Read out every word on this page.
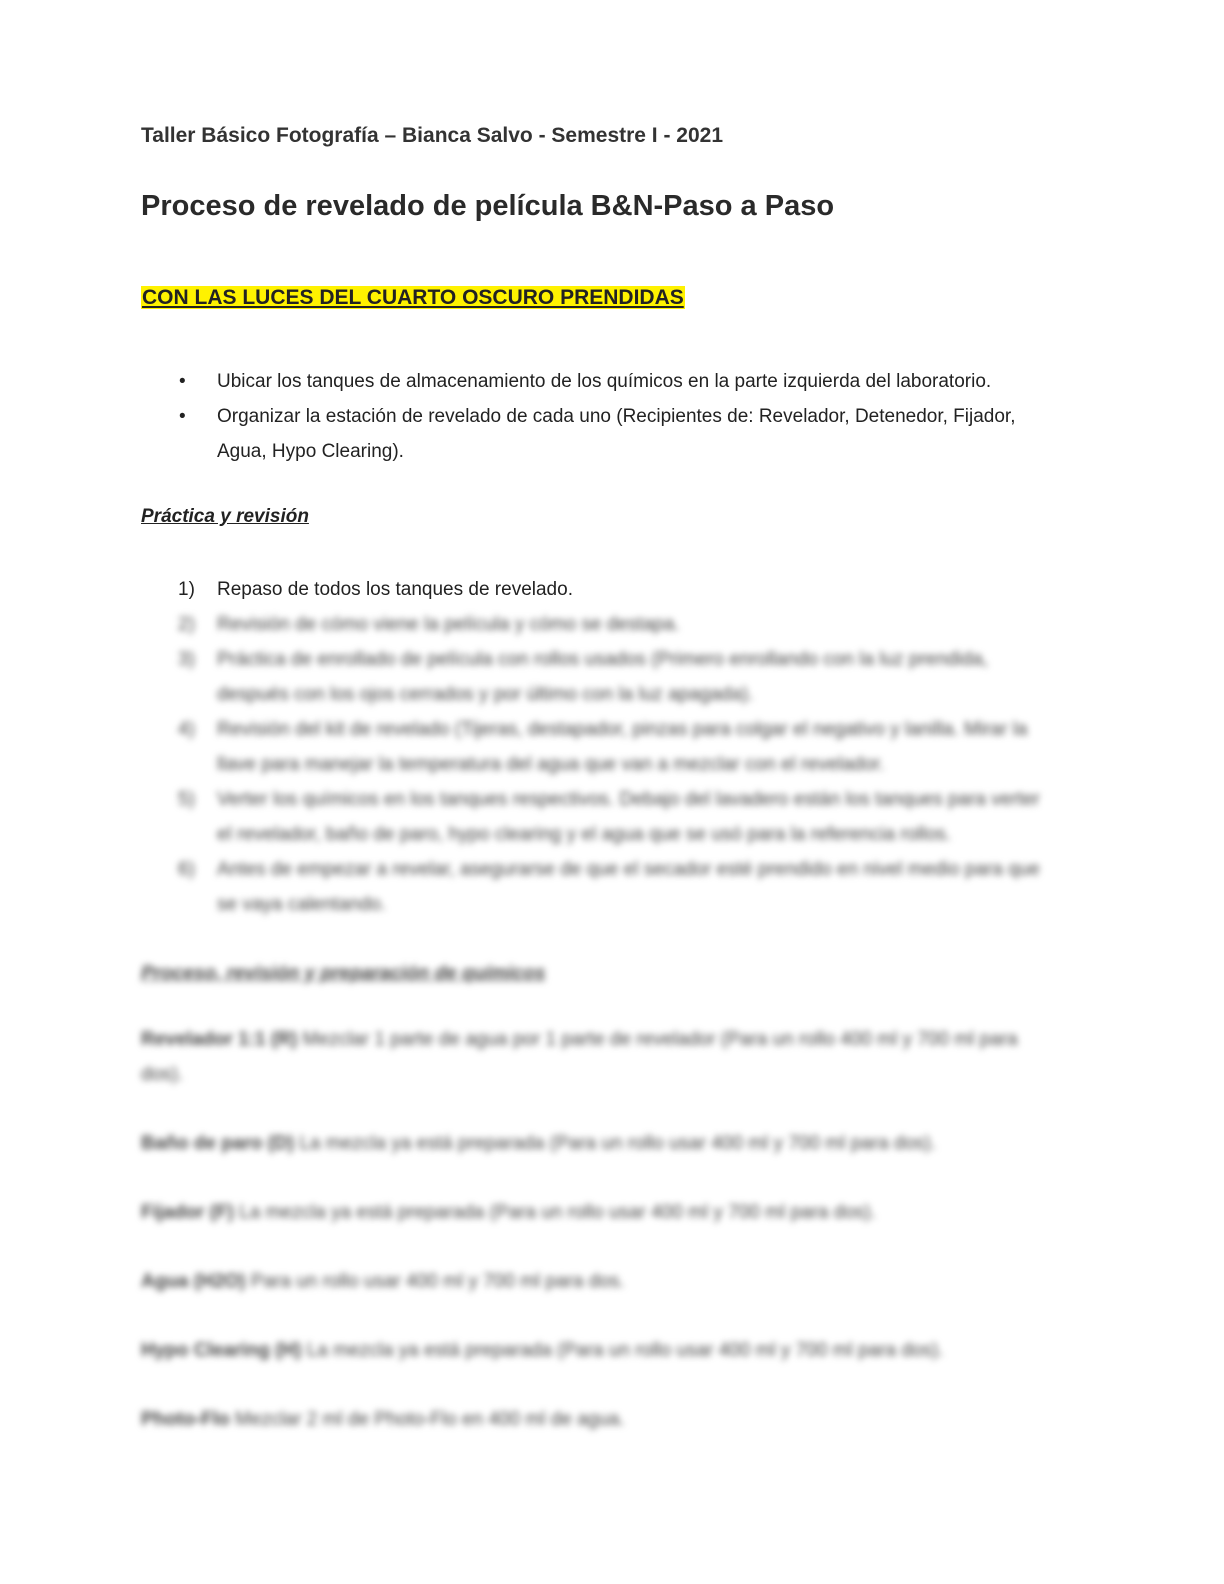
Taller Básico Fotografía – Bianca Salvo - Semestre I - 2021

Proceso de revelado de película B&N-Paso a Paso
CON LAS LUCES DEL CUARTO OSCURO PRENDIDAS
• Ubicar los tanques de almacenamiento de los químicos en la parte izquierda del laboratorio.
• Organizar la estación de revelado de cada uno (Recipientes de: Revelador, Detenedor, Fijador, Agua, Hypo Clearing).
Práctica y revisión
1) Repaso de todos los tanques de revelado.
2) Revisión de cómo viene la película y cómo se destapa.
3) Práctica de enrollado de película con rollos usados (Primero enrollando con la luz prendida, después con los ojos cerrados y por último con la luz apagada).
4) Revisión del kit de revelado (Tijeras, destapador, pinzas para colgar el negativo y lanilla. Mirar la llave para manejar la temperatura del agua que van a mezclar con el revelador.
5) Verter los químicos en los tanques respectivos. Debajo del lavadero están los tanques para verter el revelador, baño de paro, hypo clearing y el agua que se usó para la referencia rollos.
6) Antes de empezar a revelar, asegurarse de que el secador esté prendido en nivel medio para que se vaya calentando.
Proceso, revisión y preparación de químicos
Revelador 1:1 (R) Mezclar 1 parte de agua por 1 parte de revelador (Para un rollo 400 ml y 700 ml para dos).
Baño de paro (D) La mezcla ya está preparada (Para un rollo usar 400 ml y 700 ml para dos).
Fijador (F) La mezcla ya está preparada (Para un rollo usar 400 ml y 700 ml para dos).
Agua (H2O) Para un rollo usar 400 ml y 700 ml para dos.
Hypo Clearing (H) La mezcla ya está preparada (Para un rollo usar 400 ml y 700 ml para dos).
Photo-Flo Mezclar 2 ml de Photo-Flo en 400 ml de agua.
